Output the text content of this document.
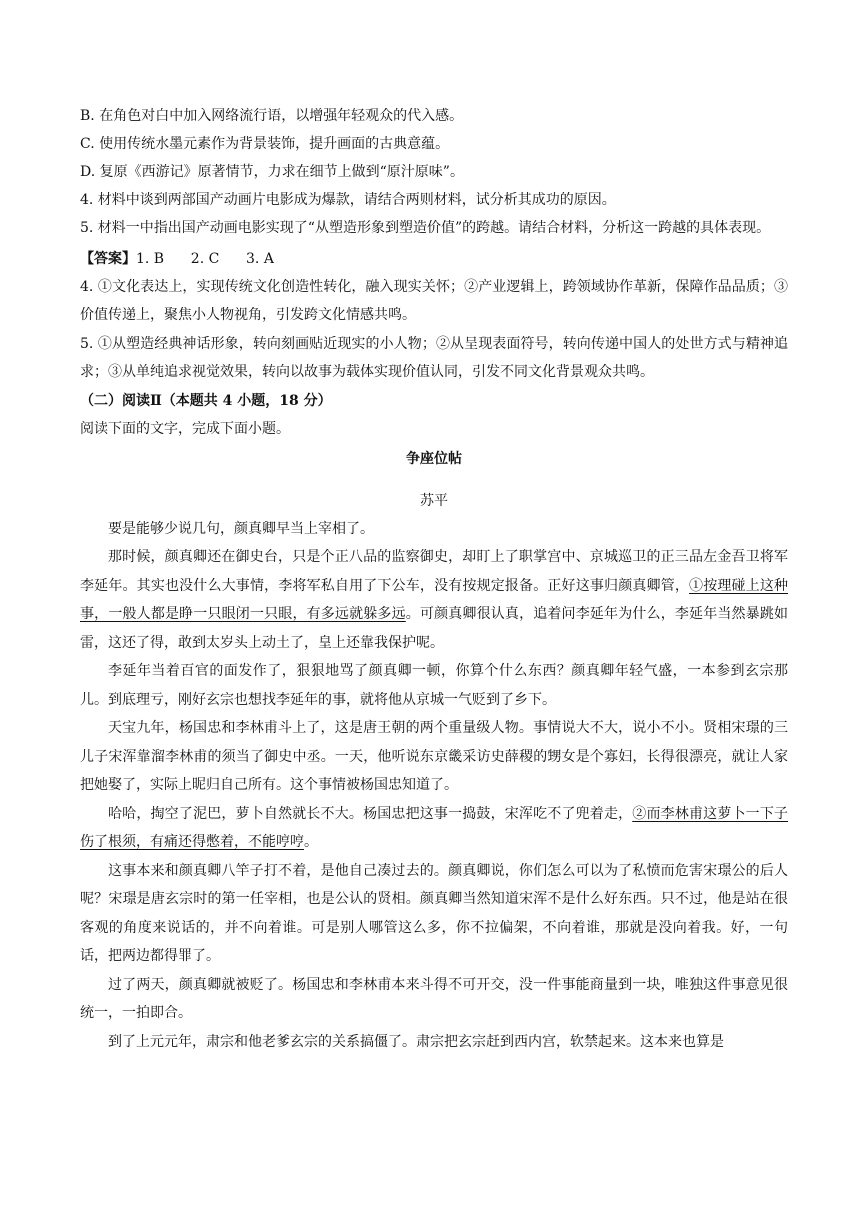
B. 在角色对白中加入网络流行语，以增强年轻观众的代入感。

C. 使用传统水墨元素作为背景装饰，提升画面的古典意蕴。

D. 复原《西游记》原著情节，力求在细节上做到“原汁原味”。

4. 材料中谈到两部国产动画片电影成为爆款，请结合两则材料，试分析其成功的原因。

5. 材料一中指出国产动画电影实现了“从塑造形象到塑造价值”的跨越。请结合材料，分析这一跨越的具体表现。

【答案】1. B      2. C      3. A

4. ①文化表达上，实现传统文化创造性转化，融入现实关怀；②产业逻辑上，跨领域协作革新，保障作品品质；③价值传递上，聚焦小人物视角，引发跨文化情感共鸣。

5. ①从塑造经典神话形象，转向刻画贴近现实的小人物；②从呈现表面符号，转向传递中国人的处世方式与精神追求；③从单纯追求视觉效果，转向以故事为载体实现价值认同，引发不同文化背景观众共鸣。

（二）阅读Ⅱ（本题共 4 小题，18 分）

阅读下面的文字，完成下面小题。

争座位帖

苏平

要是能够少说几句，颜真卿早当上宰相了。

那时候，颜真卿还在御史台，只是个正八品的监察御史，却盯上了职掌宫中、京城巡卫的正三品左金吾卫将军李延年。其实也没什么大事情，李将军私自用了下公车，没有按规定报备。正好这事归颜真卿管，①按理碰上这种事，一般人都是睁一只眼闭一只眼，有多远就躲多远。可颜真卿很认真，追着问李延年为什么，李延年当然暴跳如雷，这还了得，敢到太岁头上动土了，皇上还靠我保护呢。

李延年当着百官的面发作了，狠狠地骂了颜真卿一顿，你算个什么东西？颜真卿年轻气盛，一本参到玄宗那儿。到底理亏，刚好玄宗也想找李延年的事，就将他从京城一气贬到了乡下。

天宝九年，杨国忠和李林甫斗上了，这是唐王朝的两个重量级人物。事情说大不大，说小不小。贤相宋璟的三儿子宋浑靠溜李林甫的须当了御史中丞。一天，他听说东京畿采访史薛稷的甥女是个寡妇，长得很漂亮，就让人家把她娶了，实际上昵归自己所有。这个事情被杨国忠知道了。

哈哈，掏空了泥巴，萝卜自然就长不大。杨国忠把这事一捣鼓，宋浑吃不了兜着走，②而李林甫这萝卜一下子伤了根须，有痛还得憋着，不能哼哼。

这事本来和颜真卿八竿子打不着，是他自己凑过去的。颜真卿说，你们怎么可以为了私愤而危害宋璟公的后人呢？宋璟是唐玄宗时的第一任宰相，也是公认的贤相。颜真卿当然知道宋浑不是什么好东西。只不过，他是站在很客观的角度来说话的，并不向着谁。可是别人哪管这么多，你不拉偏架，不向着谁，那就是没向着我。好，一句话，把两边都得罪了。

过了两天，颜真卿就被贬了。杨国忠和李林甫本来斗得不可开交，没一件事能商量到一块，唯独这件事意见很统一，一拍即合。

到了上元元年，肃宗和他老爹玄宗的关系搞僵了。肃宗把玄宗赶到西内宫，软禁起来。这本来也算是
